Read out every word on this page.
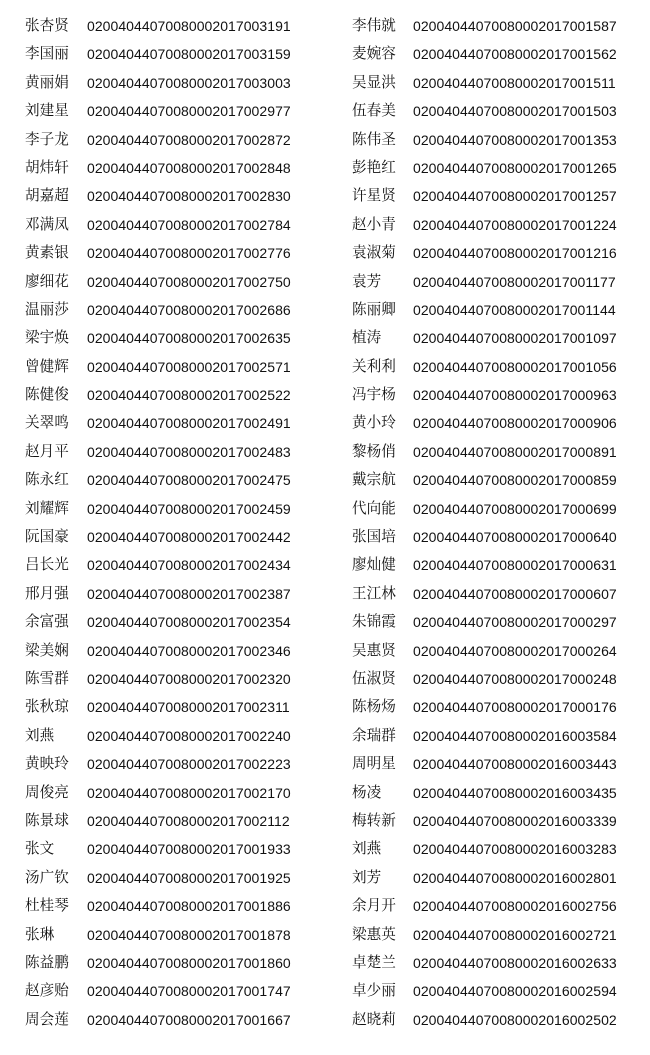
张杏贤 02004044070080002017003191	李伟就 02004044070080002017001587
李国丽 02004044070080002017003159	麦婉容 02004044070080002017001562
黄丽娟 02004044070080002017003003	吴显洪 02004044070080002017001511
刘建星 02004044070080002017002977	伍春美 02004044070080002017001503
李子龙 02004044070080002017002872	陈伟圣 02004044070080002017001353
胡炜轩 02004044070080002017002848	彭艳红 02004044070080002017001265
胡嘉超 02004044070080002017002830	许星贤 02004044070080002017001257
邓满凤 02004044070080002017002784	赵小青 02004044070080002017001224
黄素银 02004044070080002017002776	袁淑菊 02004044070080002017001216
廖细花 02004044070080002017002750	袁芳 02004044070080002017001177
温丽莎 02004044070080002017002686	陈丽卿 02004044070080002017001144
梁宇焕 02004044070080002017002635	植涛 02004044070080002017001097
曾健辉 02004044070080002017002571	关利利 02004044070080002017001056
陈健俊 02004044070080002017002522	冯宇杨 02004044070080002017000963
关翠鸣 02004044070080002017002491	黄小玲 02004044070080002017000906
赵月平 02004044070080002017002483	黎杨俏 02004044070080002017000891
陈永红 02004044070080002017002475	戴宗航 02004044070080002017000859
刘耀辉 02004044070080002017002459	代向能 02004044070080002017000699
阮国豪 02004044070080002017002442	张国培 02004044070080002017000640
吕长光 02004044070080002017002434	廖灿健 02004044070080002017000631
邢月强 02004044070080002017002387	王江林 02004044070080002017000607
余富强 02004044070080002017002354	朱锦霞 02004044070080002017000297
梁美娴 02004044070080002017002346	吴惠贤 02004044070080002017000264
陈雪群 02004044070080002017002320	伍淑贤 02004044070080002017000248
张秋琼 02004044070080002017002311	陈杨炀 02004044070080002017000176
刘燕 02004044070080002017002240	余瑞群 02004044070080002016003584
黄映玲 02004044070080002017002223	周明星 02004044070080002016003443
周俊亮 02004044070080002017002170	杨凌 02004044070080002016003435
陈景球 02004044070080002017002112	梅转新 02004044070080002016003339
张文 02004044070080002017001933	刘燕 02004044070080002016003283
汤广钦 02004044070080002017001925	刘芳 02004044070080002016002801
杜桂琴 02004044070080002017001886	余月开 02004044070080002016002756
张琳 02004044070080002017001878	梁惠英 02004044070080002016002721
陈益鹏 02004044070080002017001860	卓楚兰 02004044070080002016002633
赵彦贻 02004044070080002017001747	卓少丽 02004044070080002016002594
周会莲 02004044070080002017001667	赵晓莉 02004044070080002016002502
